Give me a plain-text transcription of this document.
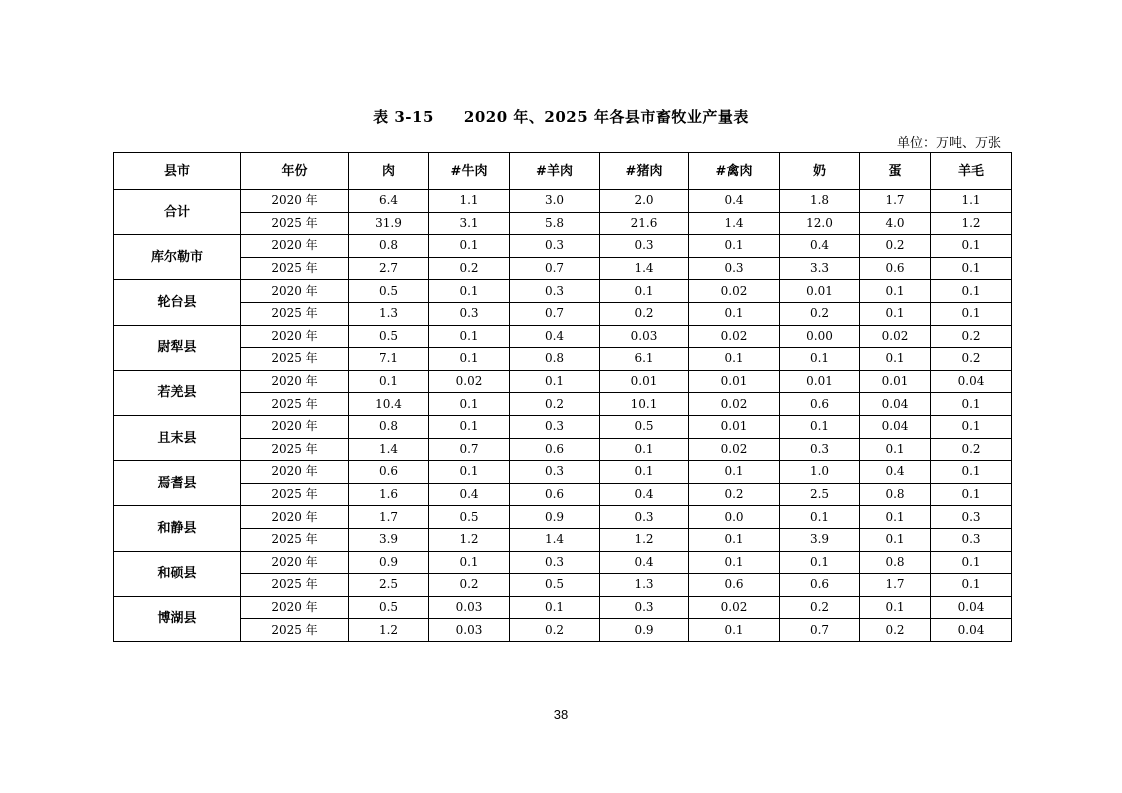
表 3-15 2020 年、2025 年各县市畜牧业产量表
单位：万吨、万张
县市	年份	肉	#牛肉	#羊肉	#猪肉	#禽肉	奶	蛋	羊毛
合计	2020 年	6.4	1.1	3.0	2.0	0.4	1.8	1.7	1.1
	2025 年	31.9	3.1	5.8	21.6	1.4	12.0	4.0	1.2
库尔勒市	2020 年	0.8	0.1	0.3	0.3	0.1	0.4	0.2	0.1
	2025 年	2.7	0.2	0.7	1.4	0.3	3.3	0.6	0.1
轮台县	2020 年	0.5	0.1	0.3	0.1	0.02	0.01	0.1	0.1
	2025 年	1.3	0.3	0.7	0.2	0.1	0.2	0.1	0.1
尉犁县	2020 年	0.5	0.1	0.4	0.03	0.02	0.00	0.02	0.2
	2025 年	7.1	0.1	0.8	6.1	0.1	0.1	0.1	0.2
若羌县	2020 年	0.1	0.02	0.1	0.01	0.01	0.01	0.01	0.04
	2025 年	10.4	0.1	0.2	10.1	0.02	0.6	0.04	0.1
且末县	2020 年	0.8	0.1	0.3	0.5	0.01	0.1	0.04	0.1
	2025 年	1.4	0.7	0.6	0.1	0.02	0.3	0.1	0.2
焉耆县	2020 年	0.6	0.1	0.3	0.1	0.1	1.0	0.4	0.1
	2025 年	1.6	0.4	0.6	0.4	0.2	2.5	0.8	0.1
和静县	2020 年	1.7	0.5	0.9	0.3	0.0	0.1	0.1	0.3
	2025 年	3.9	1.2	1.4	1.2	0.1	3.9	0.1	0.3
和硕县	2020 年	0.9	0.1	0.3	0.4	0.1	0.1	0.8	0.1
	2025 年	2.5	0.2	0.5	1.3	0.6	0.6	1.7	0.1
博湖县	2020 年	0.5	0.03	0.1	0.3	0.02	0.2	0.1	0.04
	2025 年	1.2	0.03	0.2	0.9	0.1	0.7	0.2	0.04
38
